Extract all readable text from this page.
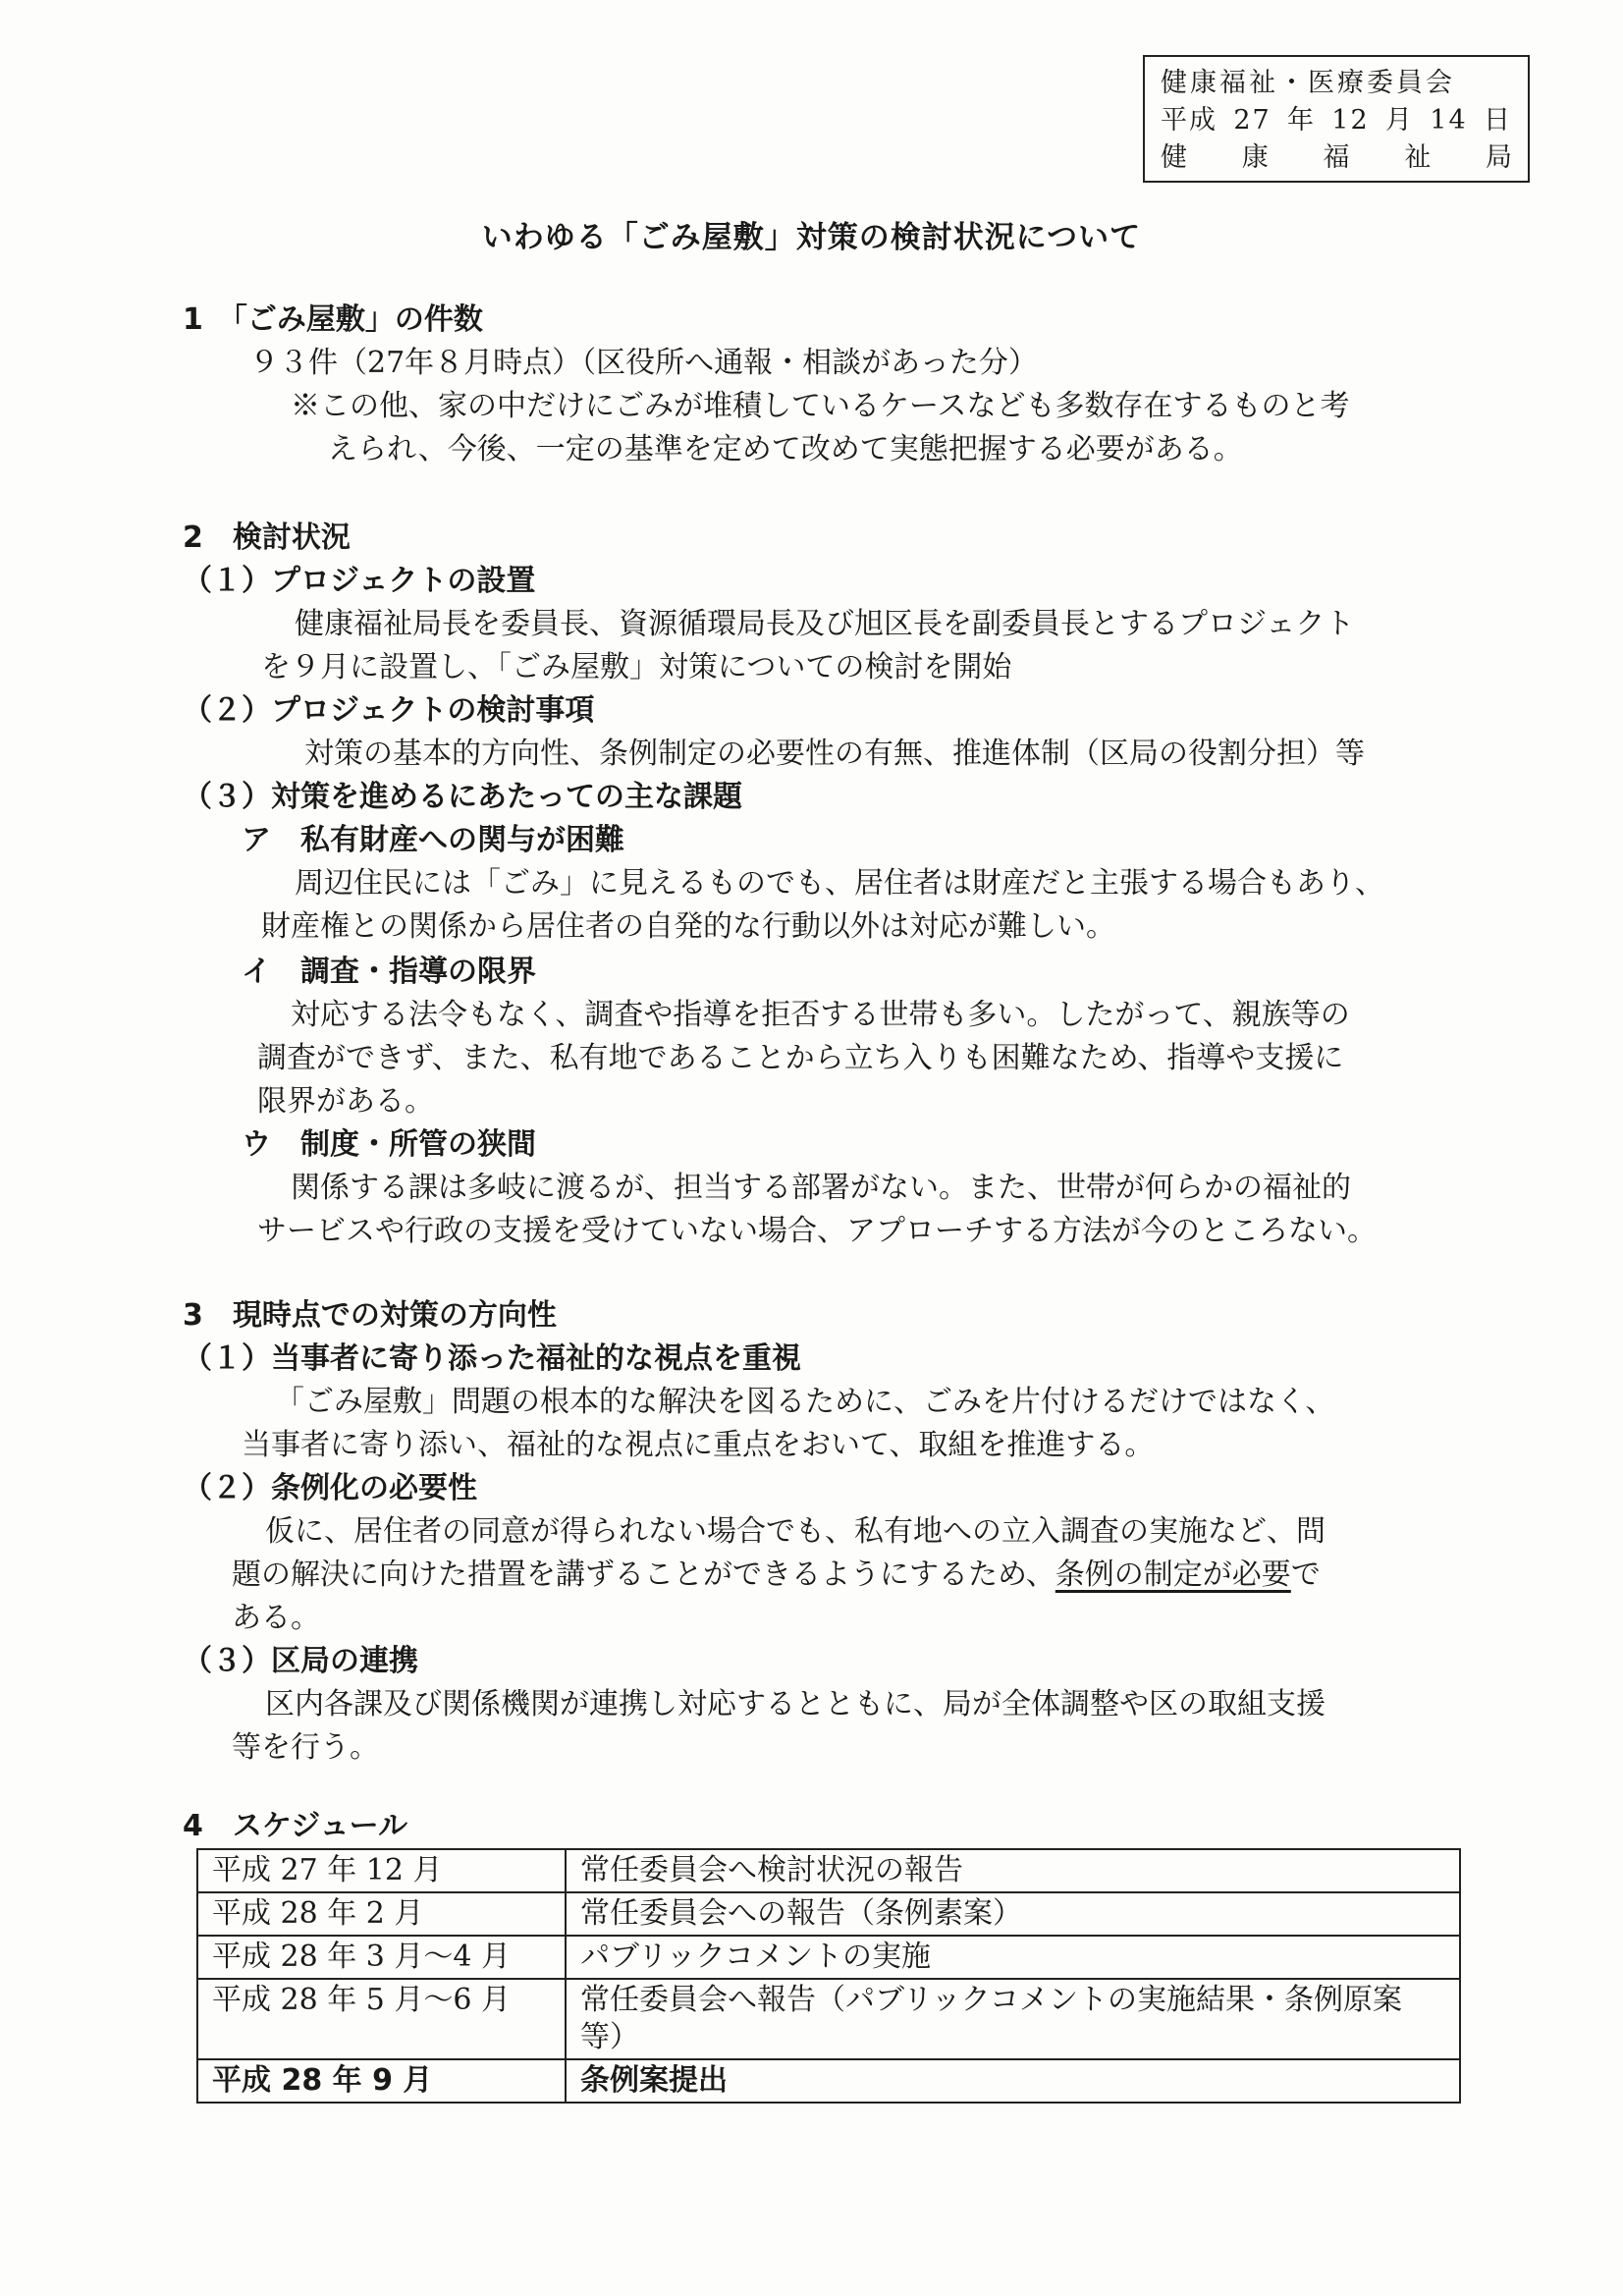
健康福祉・医療委員会
平成 27 年 12 月 14 日
健 康 福 祉 局
いわゆる「ごみ屋敷」対策の検討状況について
1　「ごみ屋敷」の件数
９３件（27年８月時点）（区役所へ通報・相談があった分）
※この他、家の中だけにごみが堆積しているケースなども多数存在するものと考
えられ、今後、一定の基準を定めて改めて実態把握する必要がある。
2　検討状況
（１）プロジェクトの設置
健康福祉局長を委員長、資源循環局長及び旭区長を副委員長とするプロジェクト
を９月に設置し、「ごみ屋敷」対策についての検討を開始
（２）プロジェクトの検討事項
対策の基本的方向性、条例制定の必要性の有無、推進体制（区局の役割分担）等
（３）対策を進めるにあたっての主な課題
ア　私有財産への関与が困難
周辺住民には「ごみ」に見えるものでも、居住者は財産だと主張する場合もあり、
財産権との関係から居住者の自発的な行動以外は対応が難しい。
イ　調査・指導の限界
対応する法令もなく、調査や指導を拒否する世帯も多い。したがって、親族等の
調査ができず、また、私有地であることから立ち入りも困難なため、指導や支援に
限界がある。
ウ　制度・所管の狭間
関係する課は多岐に渡るが、担当する部署がない。また、世帯が何らかの福祉的
サービスや行政の支援を受けていない場合、アプローチする方法が今のところない。
3　現時点での対策の方向性
（１）当事者に寄り添った福祉的な視点を重視
「ごみ屋敷」問題の根本的な解決を図るために、ごみを片付けるだけではなく、
当事者に寄り添い、福祉的な視点に重点をおいて、取組を推進する。
（２）条例化の必要性
仮に、居住者の同意が得られない場合でも、私有地への立入調査の実施など、問
題の解決に向けた措置を講ずることができるようにするため、条例の制定が必要で
ある。
（３）区局の連携
区内各課及び関係機関が連携し対応するとともに、局が全体調整や区の取組支援
等を行う。
4　スケジュール
平成 27 年 12 月	常任委員会へ検討状況の報告
平成 28 年 2 月	常任委員会への報告（条例素案）
平成 28 年 3 月〜4 月	パブリックコメントの実施
平成 28 年 5 月〜6 月	常任委員会へ報告（パブリックコメントの実施結果・条例原案等）
平成 28 年 9 月	条例案提出
